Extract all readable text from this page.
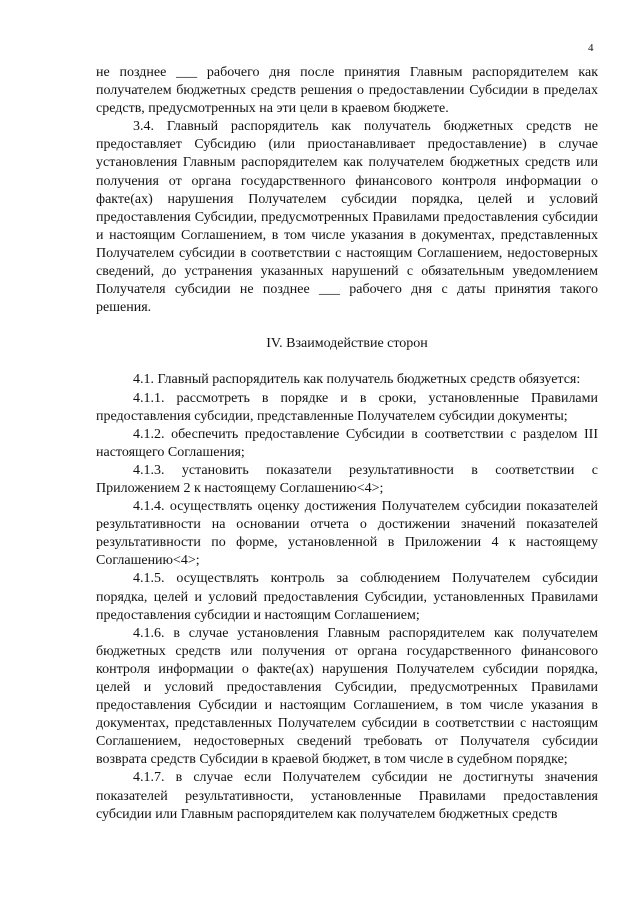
4

не позднее ___ рабочего дня после принятия Главным распорядителем как получателем бюджетных средств решения о предоставлении Субсидии в пределах средств, предусмотренных на эти цели в краевом бюджете.

3.4. Главный распорядитель как получатель бюджетных средств не предоставляет Субсидию (или приостанавливает предоставление) в случае установления Главным распорядителем как получателем бюджетных средств или получения от органа государственного финансового контроля информации о факте(ах) нарушения Получателем субсидии порядка, целей и условий предоставления Субсидии, предусмотренных Правилами предоставления субсидии и настоящим Соглашением, в том числе указания в документах, представленных Получателем субсидии в соответствии с настоящим Соглашением, недостоверных сведений, до устранения указанных нарушений с обязательным уведомлением Получателя субсидии не позднее ___ рабочего дня с даты принятия такого решения.

IV. Взаимодействие сторон

4.1. Главный распорядитель как получатель бюджетных средств обязуется:

4.1.1. рассмотреть в порядке и в сроки, установленные Правилами предоставления субсидии, представленные Получателем субсидии документы;

4.1.2. обеспечить предоставление Субсидии в соответствии с разделом III настоящего Соглашения;

4.1.3. установить показатели результативности в соответствии с Приложением 2 к настоящему Соглашению<4>;

4.1.4. осуществлять оценку достижения Получателем субсидии показателей результативности на основании отчета о достижении значений показателей результативности по форме, установленной в Приложении 4 к настоящему Соглашению<4>;

4.1.5. осуществлять контроль за соблюдением Получателем субсидии порядка, целей и условий предоставления Субсидии, установленных Правилами предоставления субсидии и настоящим Соглашением;

4.1.6. в случае установления Главным распорядителем как получателем бюджетных средств или получения от органа государственного финансового контроля информации о факте(ах) нарушения Получателем субсидии порядка, целей и условий предоставления Субсидии, предусмотренных Правилами предоставления Субсидии и настоящим Соглашением, в том числе указания в документах, представленных Получателем субсидии в соответствии с настоящим Соглашением, недостоверных сведений требовать от Получателя субсидии возврата средств Субсидии в краевой бюджет, в том числе в судебном порядке;

4.1.7. в случае если Получателем субсидии не достигнуты значения показателей результативности, установленные Правилами предоставления субсидии или Главным распорядителем как получателем бюджетных средств
